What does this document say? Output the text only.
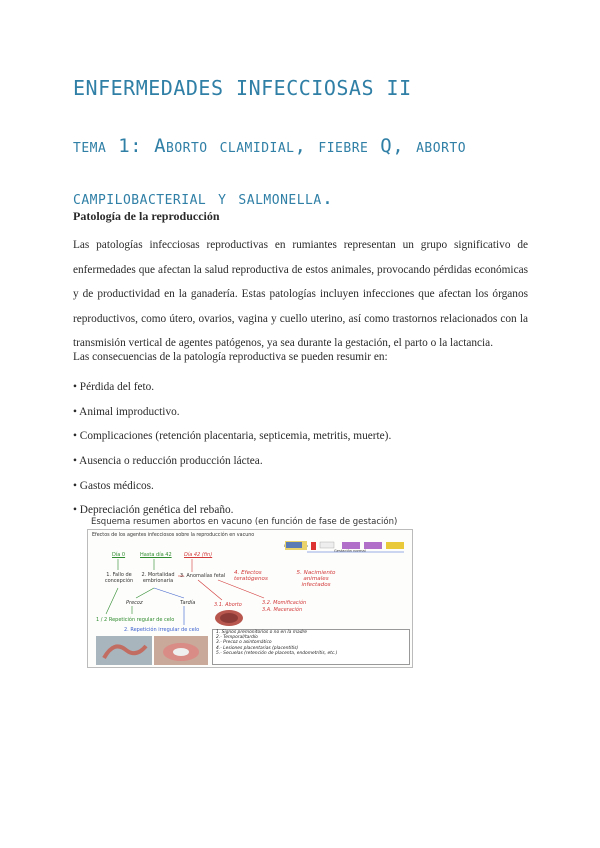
ENFERMEDADES INFECCIOSAS II
tema 1: Aborto clamidial, fiebre Q, aborto campilobacterial y salmonella.
Patología de la reproducción
Las patologías infecciosas reproductivas en rumiantes representan un grupo significativo de enfermedades que afectan la salud reproductiva de estos animales, provocando pérdidas económicas y de productividad en la ganadería. Estas patologías incluyen infecciones que afectan los órganos reproductivos, como útero, ovarios, vagina y cuello uterino, así como trastornos relacionados con la transmisión vertical de agentes patógenos, ya sea durante la gestación, el parto o la lactancia.
Las consecuencias de la patología reproductiva se pueden resumir en:
• Pérdida del feto.
• Animal improductivo.
• Complicaciones (retención placentaria, septicemia, metritis, muerte).
• Ausencia o reducción producción láctea.
• Gastos médicos.
• Depreciación genética del rebaño.
Esquema resumen abortos en vacuno (en función de fase de gestación)
Efectos de los agentes infecciosos sobre la reproducción en vacuno
Gestación normal
Día 0	Hasta día 42 Día 42 (fin)
1. Fallo de concepción
2. Mortalidad embrionaria
3. Anomalías fetal 4. Efectos teratógenos
5. Nacimiento animales infectados
Precoz	Tardía	3.1. Aborto	3.2. Momificación
3.A. Maceración
1 / 2 Repetición regular de celo
2. Repetición irregular de celo	1. Signos premonitorios o no en la madre
2.- Temporal/tardío
3.- Precoz o asintomático
4.- Lesiones placentarias (placentitis)
5.- Secuelas (retención de placenta, endometritis, etc.)
